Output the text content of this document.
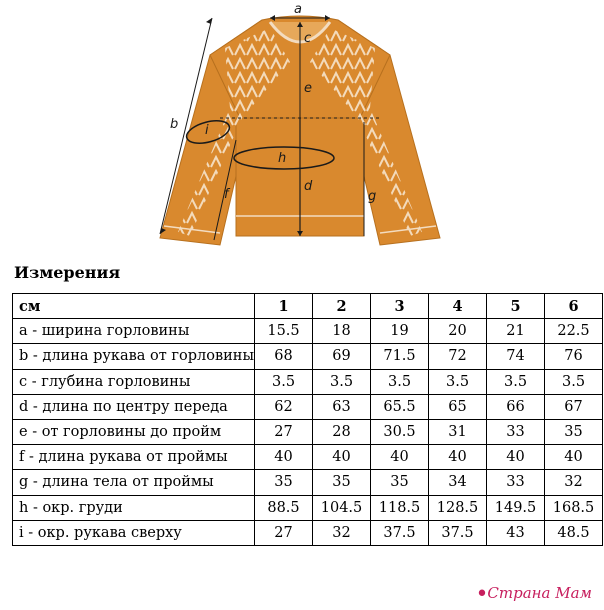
a
b
c
d
e
f	g
h
i
Измерения
см	1	2	3	4	5	6
a - ширина горловины	15.5	18	19	20	21	22.5
b - длина рукава от горловины	68	69	71.5	72	74	76
c - глубина горловины	3.5	3.5	3.5	3.5	3.5	3.5
d - длина по центру переда	62	63	65.5	65	66	67
e - от горловины до пройм	27	28	30.5	31	33	35
f - длина рукава от проймы	40	40	40	40	40	40
g - длина тела от проймы	35	35	35	34	33	32
h - окр. груди	88.5	104.5	118.5	128.5	149.5	168.5
i - окр. рукава сверху	27	32	37.5	37.5	43	48.5
•Страна Мам
